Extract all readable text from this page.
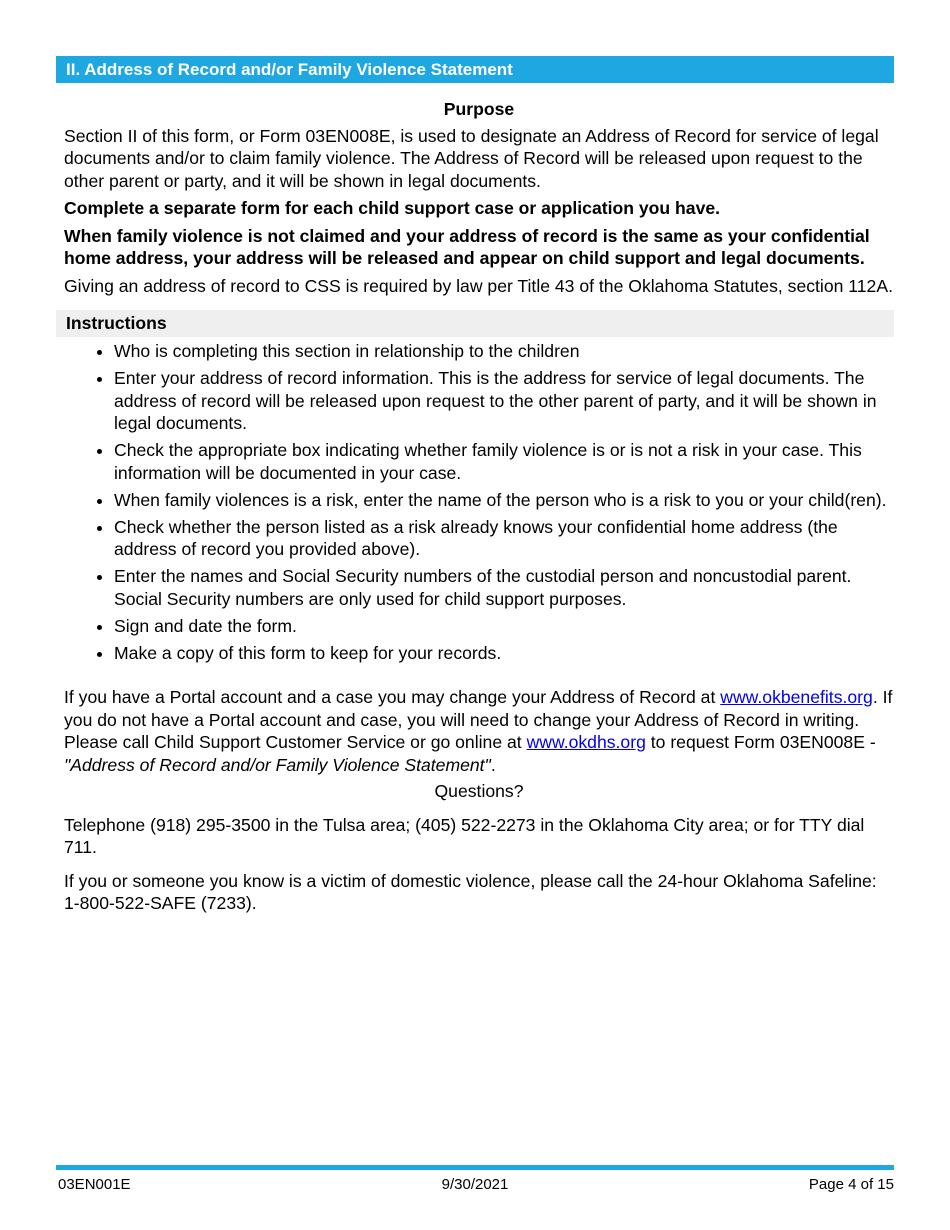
II. Address of Record and/or Family Violence Statement
Purpose

Section II of this form, or Form 03EN008E, is used to designate an Address of Record for service of legal documents and/or to claim family violence. The Address of Record will be released upon request to the other parent or party, and it will be shown in legal documents.

Complete a separate form for each child support case or application you have.

When family violence is not claimed and your address of record is the same as your confidential home address, your address will be released and appear on child support and legal documents.

Giving an address of record to CSS is required by law per Title 43 of the Oklahoma Statutes, section 112A.

Instructions
• Who is completing this section in relationship to the children
• Enter your address of record information. This is the address for service of legal documents. The address of record will be released upon request to the other parent of party, and it will be shown in legal documents.
• Check the appropriate box indicating whether family violence is or is not a risk in your case. This information will be documented in your case.
• When family violences is a risk, enter the name of the person who is a risk to you or your child(ren).
• Check whether the person listed as a risk already knows your confidential home address (the address of record you provided above).
• Enter the names and Social Security numbers of the custodial person and noncustodial parent. Social Security numbers are only used for child support purposes.
• Sign and date the form.
• Make a copy of this form to keep for your records.

If you have a Portal account and a case you may change your Address of Record at www.okbenefits.org. If you do not have a Portal account and case, you will need to change your Address of Record in writing. Please call Child Support Customer Service or go online at www.okdhs.org to request Form 03EN008E - "Address of Record and/or Family Violence Statement".

Questions?

Telephone (918) 295-3500 in the Tulsa area; (405) 522-2273 in the Oklahoma City area; or for TTY dial 711.

If you or someone you know is a victim of domestic violence, please call the 24-hour Oklahoma Safeline: 1-800-522-SAFE (7233).

03EN001E	9/30/2021	Page 4 of 15
